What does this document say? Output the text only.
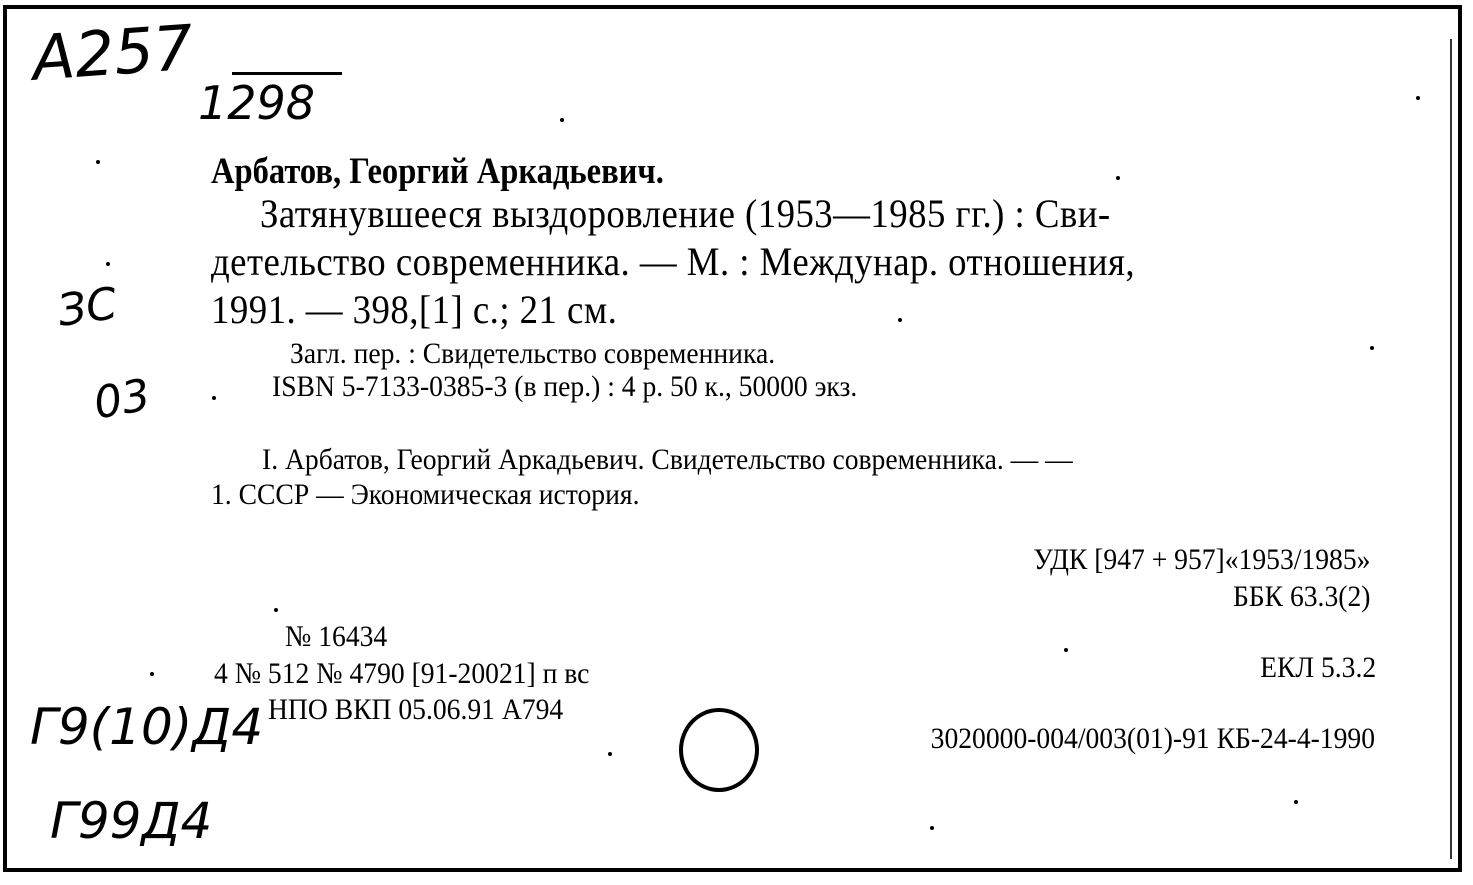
А257
1298
ЗС
03
Г9(10)Д4
Г99Д4
Арбатов, Георгий Аркадьевич.
Затянувшееся выздоровление (1953—1985 гг.) : Сви-
детельство современника. — М. : Междунар. отношения,
1991. — 398,[1] с.; 21 см.
Загл. пер. : Свидетельство современника.
ISBN 5-7133-0385-3 (в пер.) : 4 р. 50 к., 50000 экз.
I. Арбатов, Георгий Аркадьевич. Свидетельство современника. — —
1. СССР — Экономическая история.
УДК [947 + 957]«1953/1985»
ББК 63.3(2)
ЕКЛ 5.3.2
3020000-004/003(01)-91 КБ-24-4-1990
№ 16434
4 № 512 № 4790 [91-20021] п вс
НПО ВКП 05.06.91 А794
